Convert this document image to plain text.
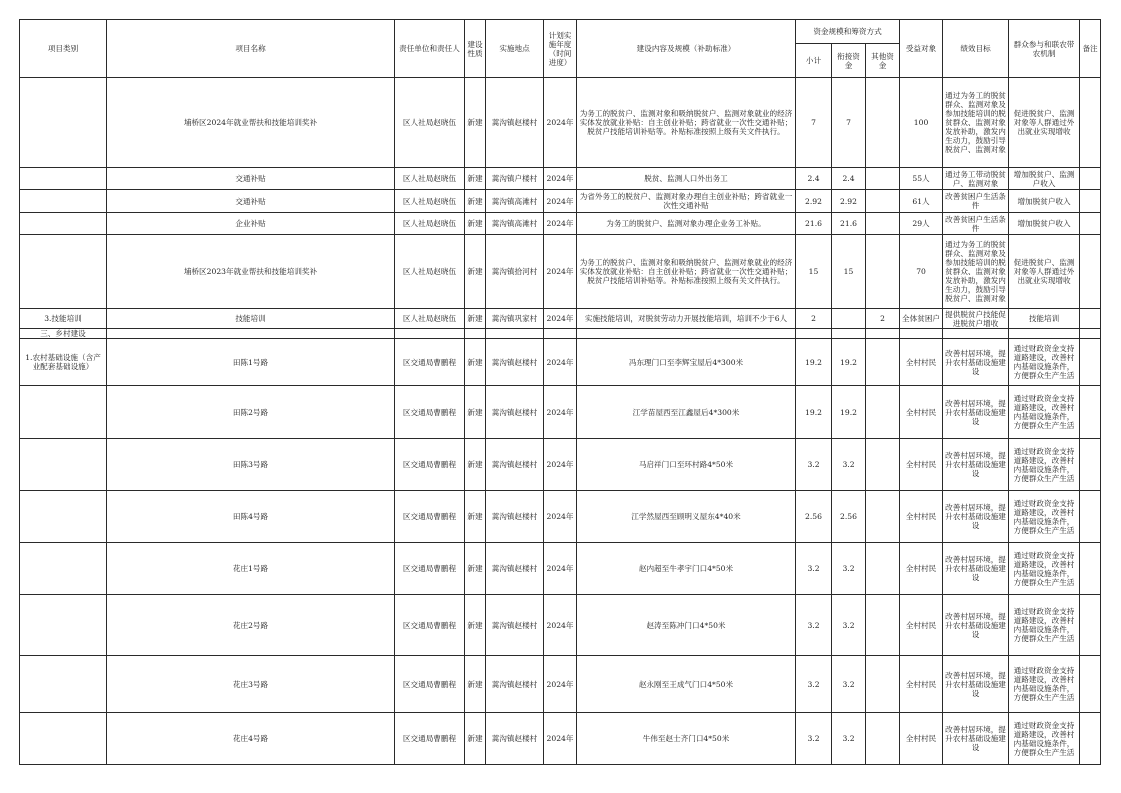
项目类别	项目名称	责任单位和责任人	建设性质	实施地点	计划实施年度（时间进度）	建设内容及规模（补助标准）	资金规模和筹资方式			受益对象	绩效目标	群众参与和联农带农机制	备注
							小计	衔接资金	其他资金				
	埔桥区2024年就业帮扶和技能培训奖补	区人社局赵晓伍	新建	蒿沟镇赵楼村	2024年	为务工的脱贫户、监测对象和吸纳脱贫户、监测对象就业的经济实体发放就业补贴：自主创业补贴；跨省就业一次性交通补贴；脱贫户技能培训补贴等。补贴标准按照上级有关文件执行。	7	7		100	通过为务工的脱贫群众、监测对象及参加技能培训的脱贫群众、监测对象发放补助，激发内生动力，鼓励引导脱贫户、监测对象	促进脱贫户、监测对象等人群通过外出就业实现增收	
	交通补贴	区人社局赵晓伍	新建	蒿沟镇户楼村	2024年	脱贫、监测人口外出务工	2.4	2.4		55人	通过务工带动脱贫户、监测对象	增加脱贫户、监测户收入	
	交通补贴	区人社局赵晓伍	新建	蒿沟镇高滩村	2024年	为省外务工的脱贫户、监测对象办理自主创业补贴；跨省就业一次性交通补贴	2.92	2.92		61人	改善贫困户生活条件	增加脱贫户收入	
	企业补贴	区人社局赵晓伍	新建	蒿沟镇高滩村	2024年	为务工的脱贫户、监测对象办理企业务工补贴。	21.6	21.6		29人	改善贫困户生活条件	增加脱贫户收入	
	埔桥区2023年就业帮扶和技能培训奖补	区人社局赵晓伍	新建	蒿沟镇拾河村	2024年	为务工的脱贫户、监测对象和吸纳脱贫户、监测对象就业的经济实体发放就业补贴：自主创业补贴；跨省就业一次性交通补贴；脱贫户技能培训补贴等。补贴标准按照上级有关文件执行。	15	15		70	通过为务工的脱贫群众、监测对象及参加技能培训的脱贫群众、监测对象发放补助，激发内生动力，鼓励引导脱贫户、监测对象	促进脱贫户、监测对象等人群通过外出就业实现增收	
3.技能培训	技能培训	区人社局赵晓伍	新建	蒿沟镇巩家村	2024年	实施技能培训，对脱贫劳动力开展技能培训，培训不少于6人	2		2	全体贫困户	提供脱贫户技能促进脱贫户增收	技能培训	
三、乡村建设													
1.农村基础设施（含产业配套基础设施）	田陈1号路	区交通局曹鹏程	新建	蒿沟镇赵楼村	2024年	冯东理门口至李辉宝屋后4*300米	19.2	19.2		全村村民	改善村居环境，提升农村基础设施建设	通过财政资金支持道路建设，改善村内基础设施条件，方便群众生产生活	
	田陈2号路	区交通局曹鹏程	新建	蒿沟镇赵楼村	2024年	江学苗屋西至江鑫屋后4*300米	19.2	19.2		全村村民	改善村居环境，提升农村基础设施建设	通过财政资金支持道路建设，改善村内基础设施条件，方便群众生产生活	
	田陈3号路	区交通局曹鹏程	新建	蒿沟镇赵楼村	2024年	马启祥门口至环村路4*50米	3.2	3.2		全村村民	改善村居环境，提升农村基础设施建设	通过财政资金支持道路建设，改善村内基础设施条件，方便群众生产生活	
	田陈4号路	区交通局曹鹏程	新建	蒿沟镇赵楼村	2024年	江学然屋西至顾明义屋东4*40米	2.56	2.56		全村村民	改善村居环境，提升农村基础设施建设	通过财政资金支持道路建设，改善村内基础设施条件，方便群众生产生活	
	花庄1号路	区交通局曹鹏程	新建	蒿沟镇赵楼村	2024年	赵内超至牛孝宇门口4*50米	3.2	3.2		全村村民	改善村居环境，提升农村基础设施建设	通过财政资金支持道路建设，改善村内基础设施条件，方便群众生产生活	
	花庄2号路	区交通局曹鹏程	新建	蒿沟镇赵楼村	2024年	赵涛至陈冲门口4*50米	3.2	3.2		全村村民	改善村居环境，提升农村基础设施建设	通过财政资金支持道路建设，改善村内基础设施条件，方便群众生产生活	
	花庄3号路	区交通局曹鹏程	新建	蒿沟镇赵楼村	2024年	赵永刚至王成气门口4*50米	3.2	3.2		全村村民	改善村居环境，提升农村基础设施建设	通过财政资金支持道路建设，改善村内基础设施条件，方便群众生产生活	
	花庄4号路	区交通局曹鹏程	新建	蒿沟镇赵楼村	2024年	牛伟至赵士齐门口4*50米	3.2	3.2		全村村民	改善村居环境，提升农村基础设施建设	通过财政资金支持道路建设，改善村内基础设施条件，方便群众生产生活	
